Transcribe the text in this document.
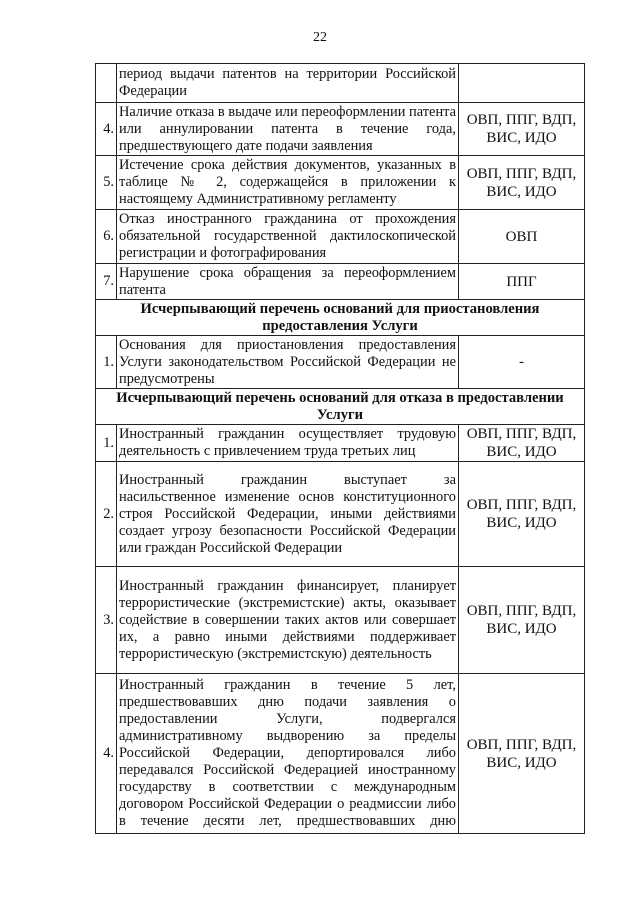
22
	период выдачи патентов на территории Российской Федерации	
4.	Наличие отказа в выдаче или переоформлении патента или аннулировании патента в течение года, предшествующего дате подачи заявления	ОВП, ППГ, ВДП, ВИС, ИДО
5.	Истечение срока действия документов, указанных в таблице № 2, содержащейся в приложении к настоящему Административному регламенту	ОВП, ППГ, ВДП, ВИС, ИДО
6.	Отказ иностранного гражданина от прохождения обязательной государственной дактилоскопической регистрации и фотографирования	ОВП
7.	Нарушение срока обращения за переоформлением патента	ППГ
Исчерпывающий перечень оснований для приостановления предоставления Услуги		
1.	Основания для приостановления предоставления Услуги законодательством Российской Федерации не предусмотрены	-
Исчерпывающий перечень оснований для отказа в предоставлении Услуги		
1.	Иностранный гражданин осуществляет трудовую деятельность с привлечением труда третьих лиц	ОВП, ППГ, ВДП, ВИС, ИДО
2.	Иностранный гражданин выступает за насильственное изменение основ конституционного строя Российской Федерации, иными действиями создает угрозу безопасности Российской Федерации или граждан Российской Федерации	ОВП, ППГ, ВДП, ВИС, ИДО
3.	Иностранный гражданин финансирует, планирует террористические (экстремистские) акты, оказывает содействие в совершении таких актов или совершает их, а равно иными действиями поддерживает террористическую (экстремистскую) деятельность	ОВП, ППГ, ВДП, ВИС, ИДО
4.	Иностранный гражданин в течение 5 лет, предшествовавших дню подачи заявления о предоставлении Услуги, подвергался административному выдворению за пределы Российской Федерации, депортировался либо передавался Российской Федерацией иностранному государству в соответствии с международным договором Российской Федерации о реадмиссии либо в течение десяти лет, предшествовавших дню	ОВП, ППГ, ВДП, ВИС, ИДО
